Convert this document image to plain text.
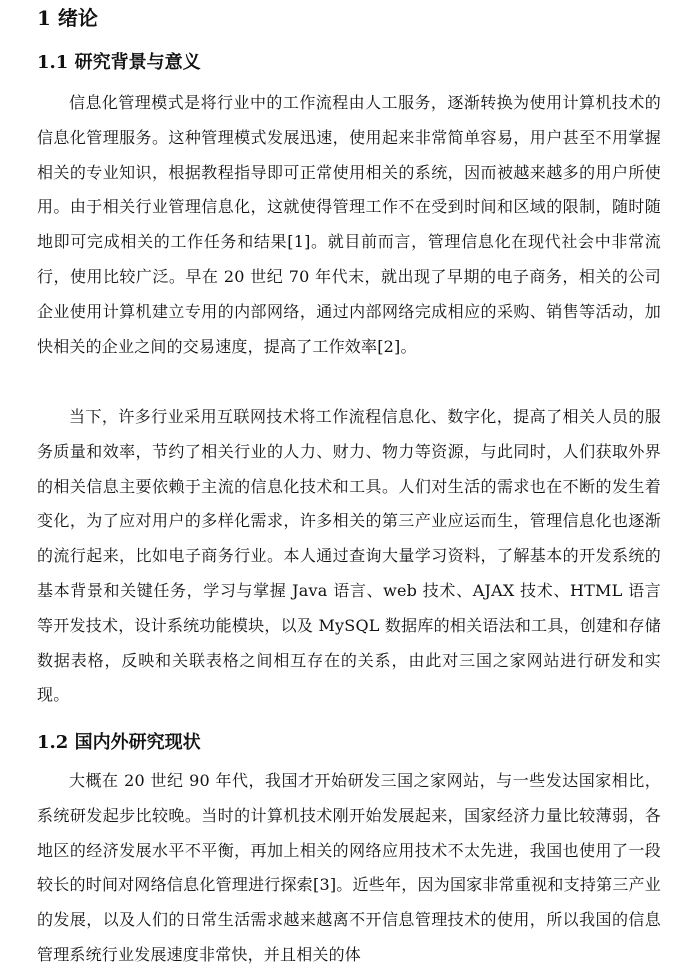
1 绪论
1.1 研究背景与意义

信息化管理模式是将行业中的工作流程由人工服务，逐渐转换为使用计算机技术的信息化管理服务。这种管理模式发展迅速，使用起来非常简单容易，用户甚至不用掌握相关的专业知识，根据教程指导即可正常使用相关的系统，因而被越来越多的用户所使用。由于相关行业管理信息化，这就使得管理工作不在受到时间和区域的限制，随时随地即可完成相关的工作任务和结果[1]。就目前而言，管理信息化在现代社会中非常流行，使用比较广泛。早在 20 世纪 70 年代末，就出现了早期的电子商务，相关的公司企业使用计算机建立专用的内部网络，通过内部网络完成相应的采购、销售等活动，加快相关的企业之间的交易速度，提高了工作效率[2]。

当下，许多行业采用互联网技术将工作流程信息化、数字化，提高了相关人员的服务质量和效率，节约了相关行业的人力、财力、物力等资源，与此同时，人们获取外界的相关信息主要依赖于主流的信息化技术和工具。人们对生活的需求也在不断的发生着变化，为了应对用户的多样化需求，许多相关的第三产业应运而生，管理信息化也逐渐的流行起来，比如电子商务行业。本人通过查询大量学习资料，了解基本的开发系统的基本背景和关键任务，学习与掌握 Java 语言、web 技术、AJAX 技术、HTML 语言等开发技术，设计系统功能模块，以及 MySQL 数据库的相关语法和工具，创建和存储数据表格，反映和关联表格之间相互存在的关系，由此对三国之家网站进行研发和实现。

1.2 国内外研究现状

大概在 20 世纪 90 年代，我国才开始研发三国之家网站，与一些发达国家相比，系统研发起步比较晚。当时的计算机技术刚开始发展起来，国家经济力量比较薄弱，各地区的经济发展水平不平衡，再加上相关的网络应用技术不太先进，我国也使用了一段较长的时间对网络信息化管理进行探索[3]。近些年，因为国家非常重视和支持第三产业的发展，以及人们的日常生活需求越来越离不开信息管理技术的使用，所以我国的信息管理系统行业发展速度非常快，并且相关的体
